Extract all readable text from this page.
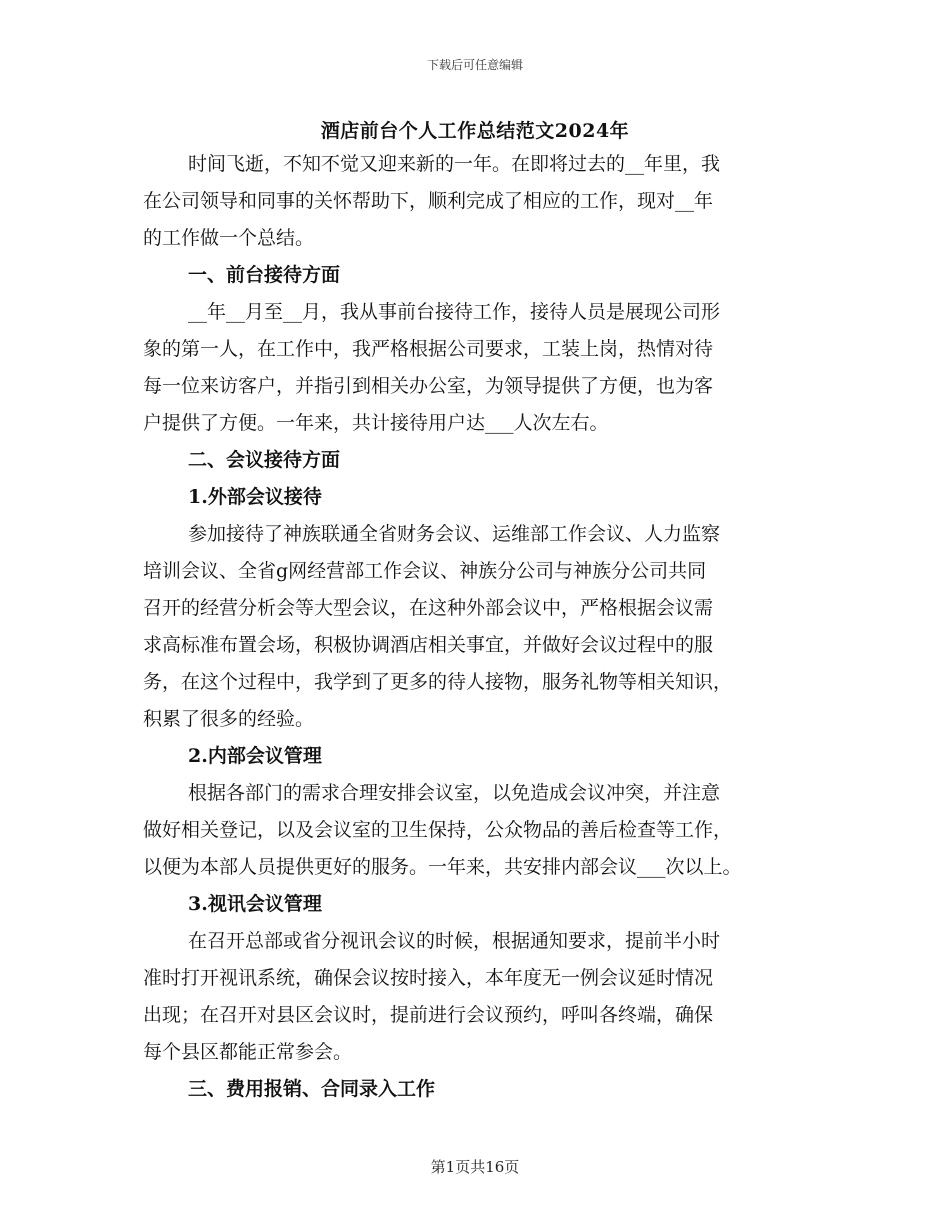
下载后可任意编辑
酒店前台个人工作总结范文2024年
时间飞逝，不知不觉又迎来新的一年。在即将过去的__年里，我
在公司领导和同事的关怀帮助下，顺利完成了相应的工作，现对__年
的工作做一个总结。
一、前台接待方面
__年__月至__月，我从事前台接待工作，接待人员是展现公司形
象的第一人，在工作中，我严格根据公司要求，工装上岗，热情对待
每一位来访客户，并指引到相关办公室，为领导提供了方便，也为客
户提供了方便。一年来，共计接待用户达___人次左右。
二、会议接待方面
1.外部会议接待
参加接待了神族联通全省财务会议、运维部工作会议、人力监察
培训会议、全省g网经营部工作会议、神族分公司与神族分公司共同
召开的经营分析会等大型会议，在这种外部会议中，严格根据会议需
求高标准布置会场，积极协调酒店相关事宜，并做好会议过程中的服
务，在这个过程中，我学到了更多的待人接物，服务礼物等相关知识，
积累了很多的经验。
2.内部会议管理
根据各部门的需求合理安排会议室，以免造成会议冲突，并注意
做好相关登记，以及会议室的卫生保持，公众物品的善后检查等工作，
以便为本部人员提供更好的服务。一年来，共安排内部会议___次以上。
3.视讯会议管理
在召开总部或省分视讯会议的时候，根据通知要求，提前半小时
准时打开视讯系统，确保会议按时接入，本年度无一例会议延时情况
出现；在召开对县区会议时，提前进行会议预约，呼叫各终端，确保
每个县区都能正常参会。
三、费用报销、合同录入工作
第1页共16页
